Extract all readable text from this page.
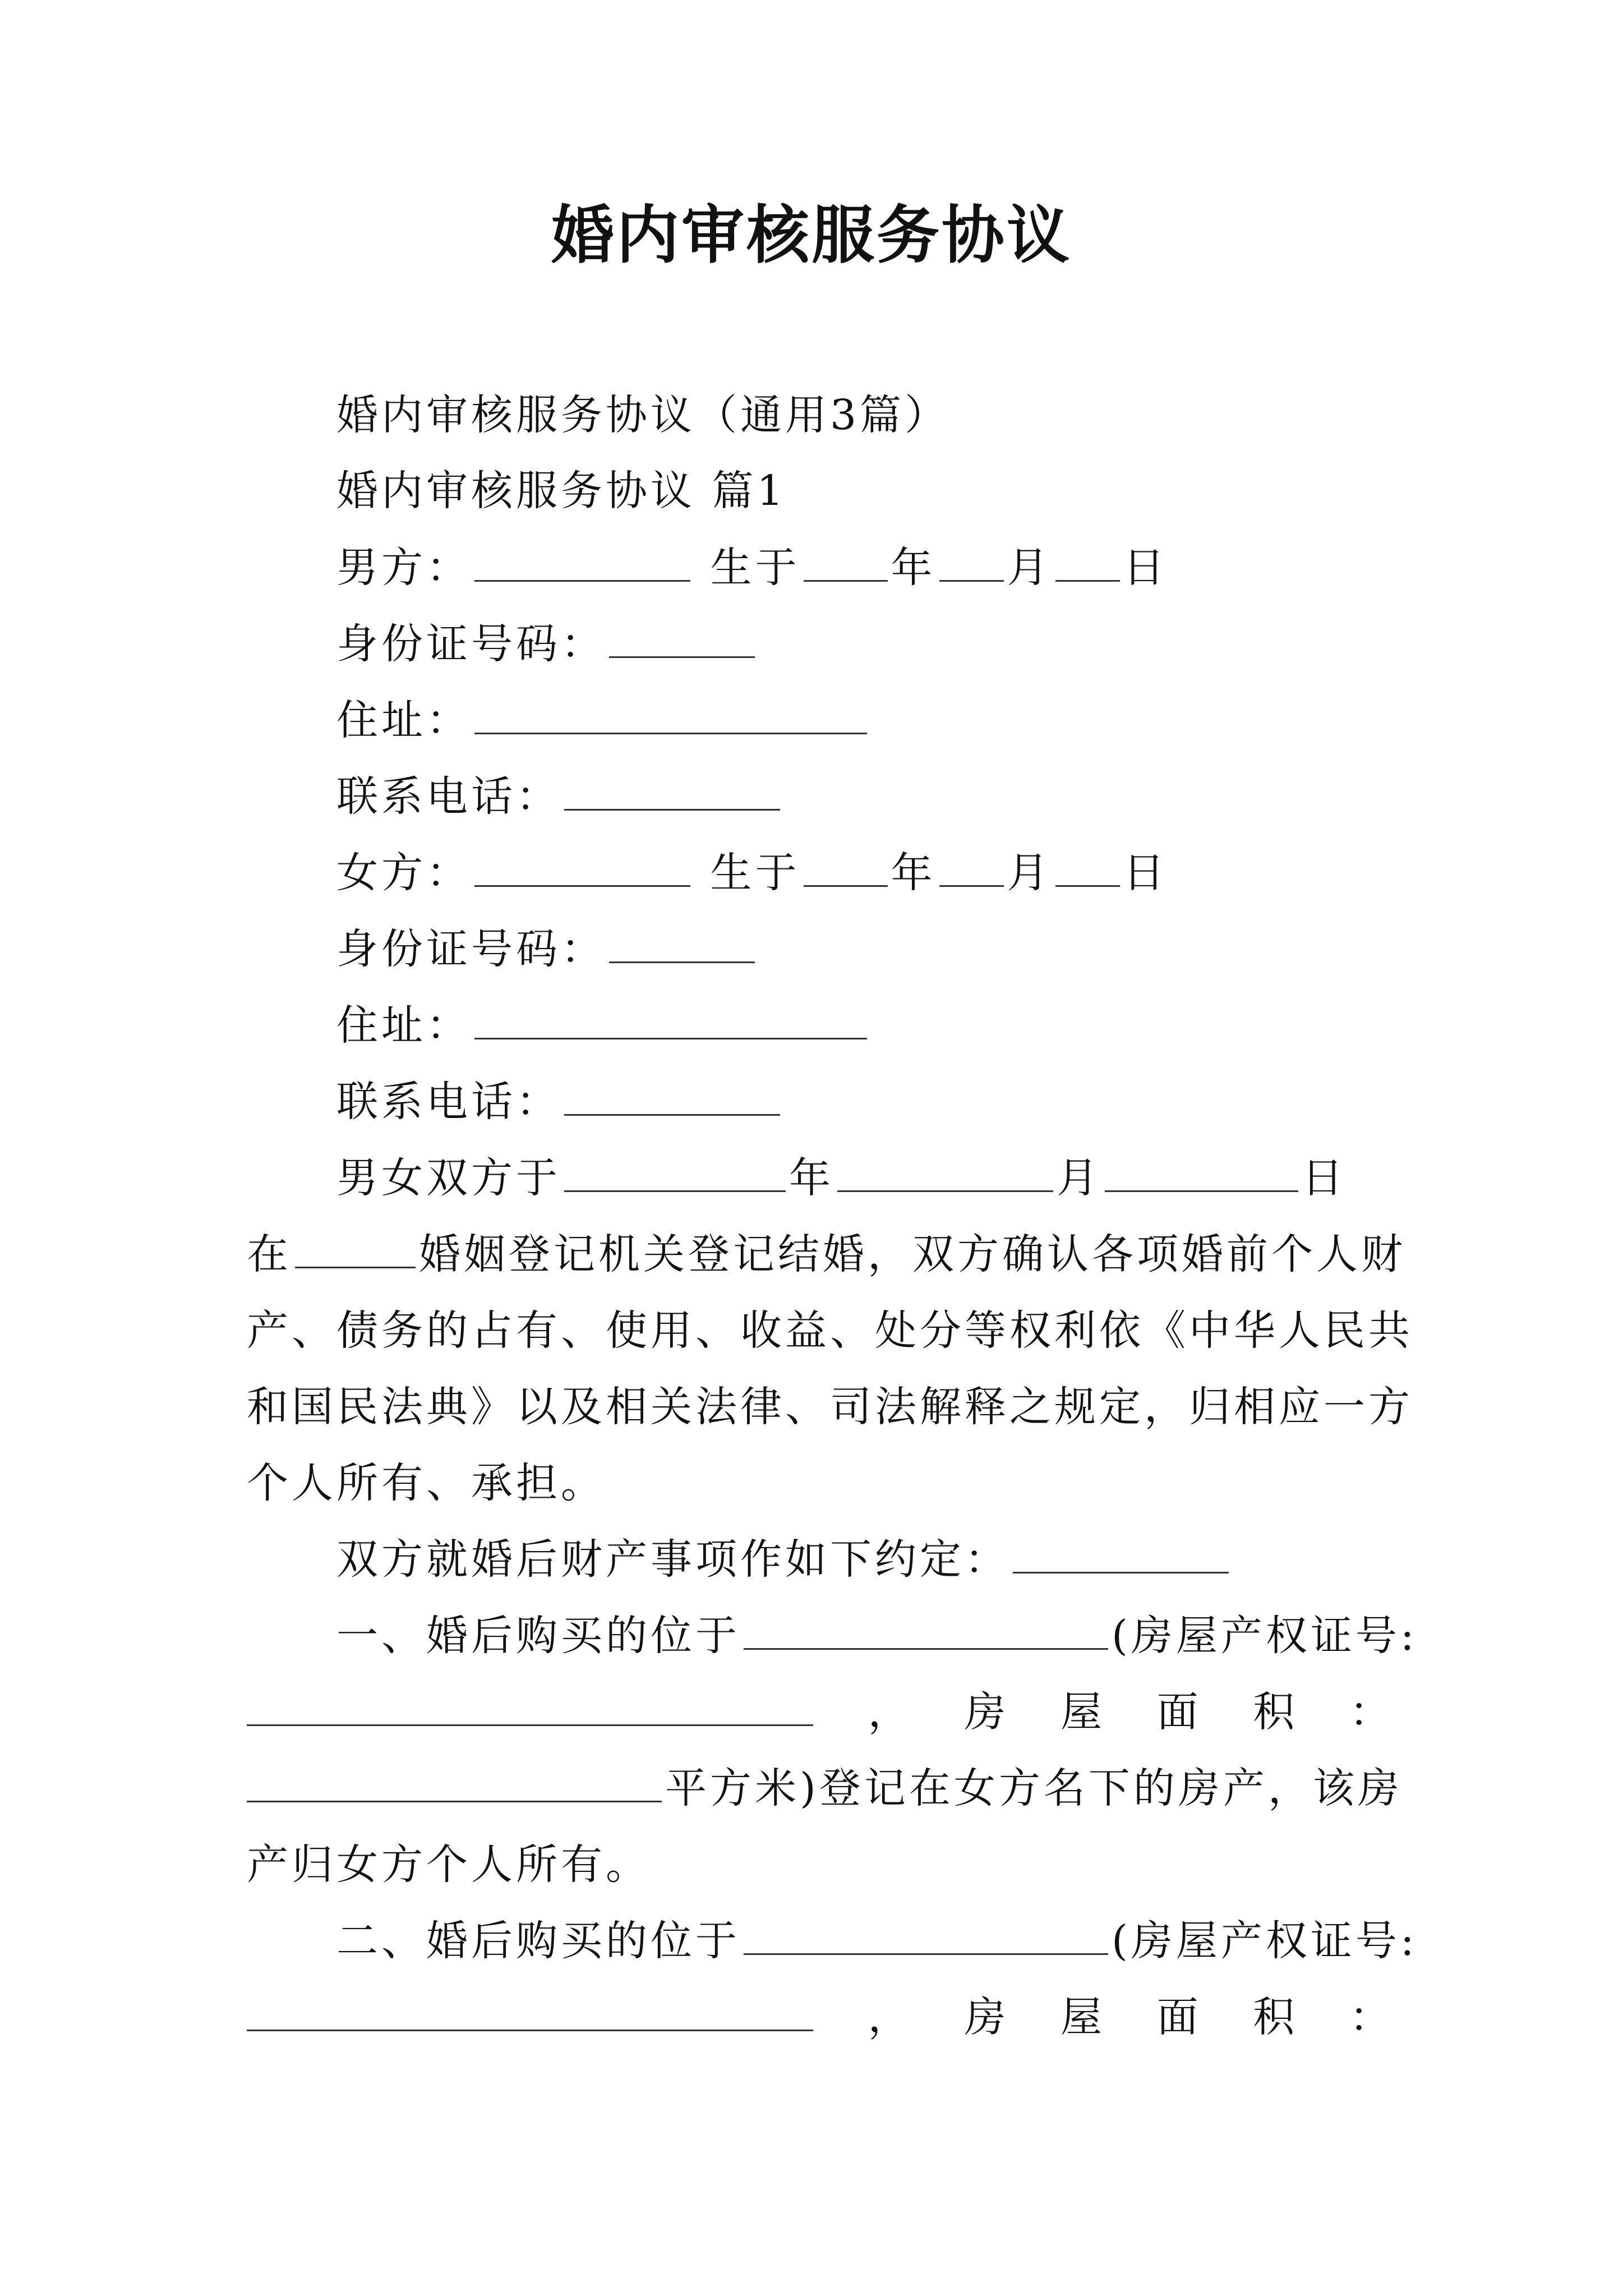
婚内审核服务协议
婚内审核服务协议（通用3篇）
婚内审核服务协议 篇1
男方：	生于 年 月 日
身份证号码：
住址：
联系电话：
女方：	生于 年 月 日
身份证号码：
住址：
联系电话：
男女双方于	年	月	日
在	婚姻登记机关登记结婚，双方确认各项婚前个人财
产、债务的占有、使用、收益、处分等权利依《中华人民共
和国民法典》以及相关法律、司法解释之规定，归相应一方
个人所有、承担。
双方就婚后财产事项作如下约定：
一、婚后购买的位于	(房屋产权证号:
， 房 屋 面 积 ：
平方米)登记在女方名下的房产，该房
产归女方个人所有。
二、婚后购买的位于	(房屋产权证号:
， 房 屋 面 积 ：
